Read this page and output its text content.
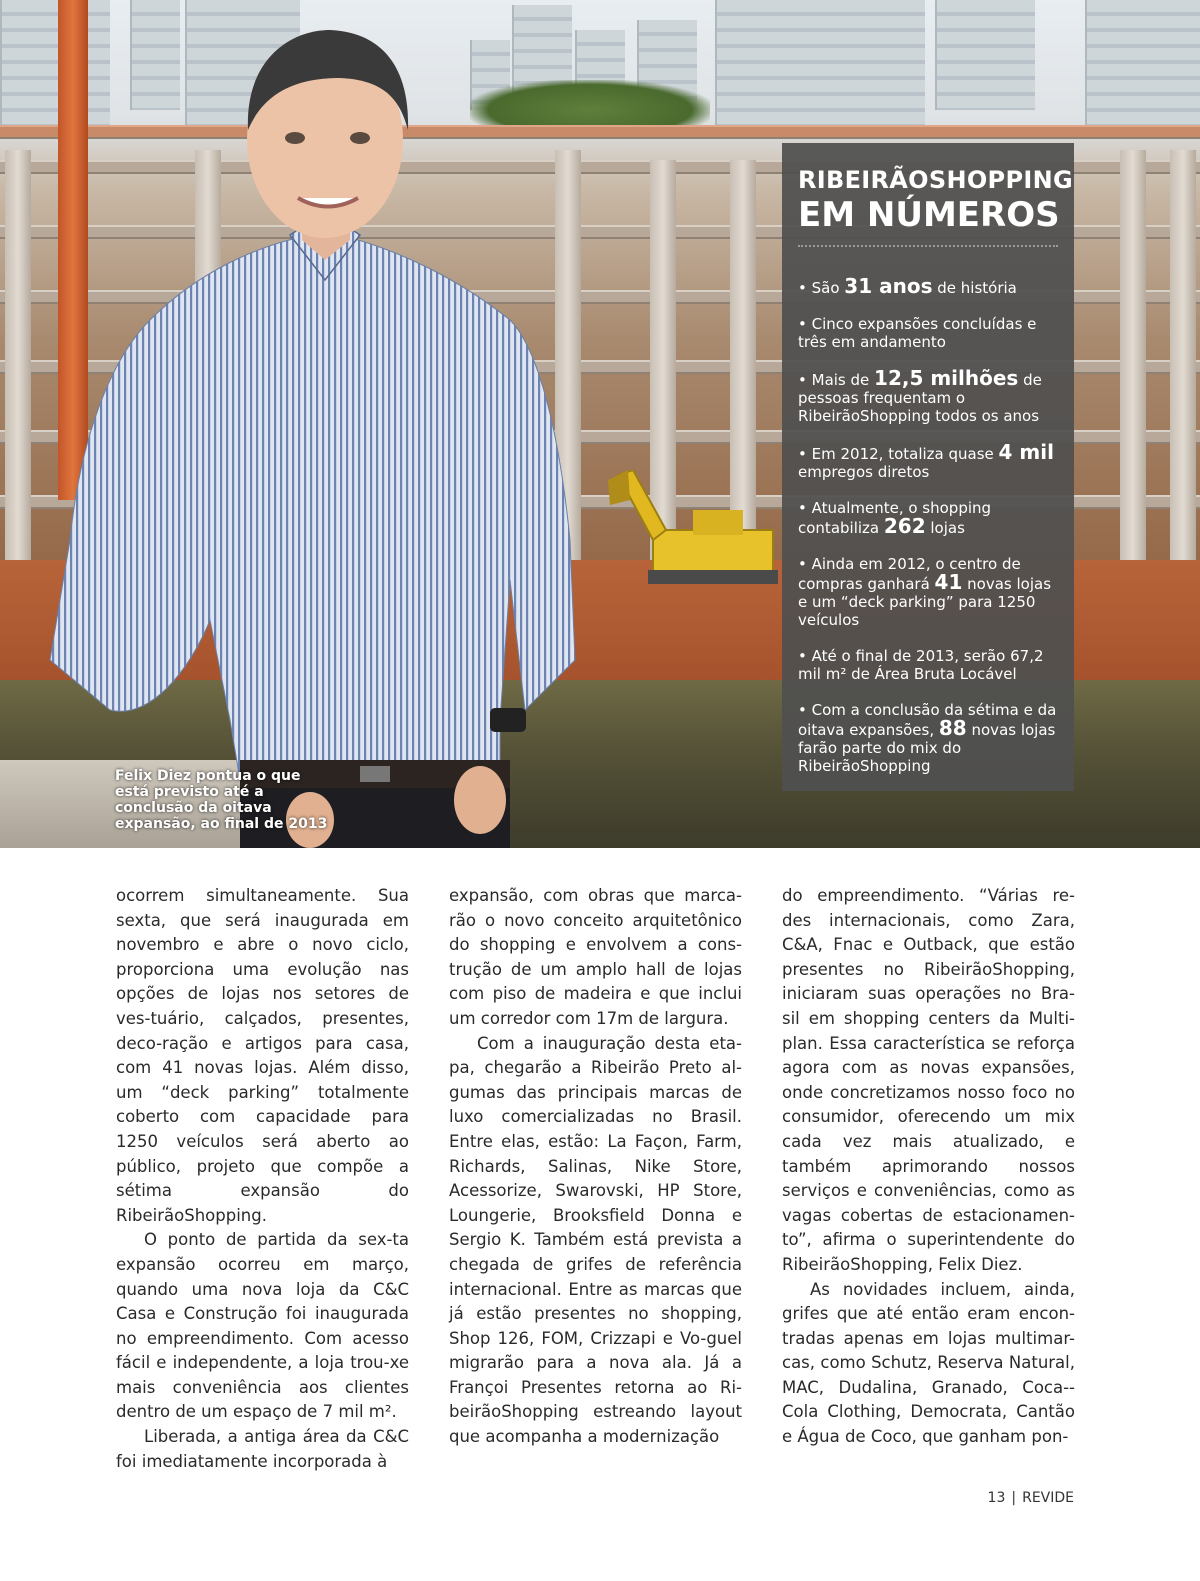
Felix Diez pontua o que está previsto até a conclusão da oitava expansão, ao final de 2013
RIBEIRÃOSHOPPING
EM NÚMEROS
• São 31 anos de história
• Cinco expansões concluídas e três em andamento
• Mais de 12,5 milhões de pessoas frequentam o RibeirãoShopping todos os anos
• Em 2012, totaliza quase 4 mil empregos diretos
• Atualmente, o shopping contabiliza 262 lojas
• Ainda em 2012, o centro de compras ganhará 41 novas lojas e um “deck parking” para 1250 veículos
• Até o final de 2013, serão 67,2 mil m² de Área Bruta Locável
• Com a conclusão da sétima e da oitava expansões, 88 novas lojas farão parte do mix do RibeirãoShopping

ocorrem simultaneamente. Sua sexta, que será inaugurada em novembro e abre o novo ciclo, proporciona uma evolução nas opções de lojas nos setores de ves-tuário, calçados, presentes, deco-ração e artigos para casa, com 41 novas lojas. Além disso, um “deck parking” totalmente coberto com capacidade para 1250 veículos será aberto ao público, projeto que compõe a sétima expansão do RibeirãoShopping.

O ponto de partida da sex-ta expansão ocorreu em março, quando uma nova loja da C&C Casa e Construção foi inaugurada no empreendimento. Com acesso fácil e independente, a loja trou-xe mais conveniência aos clientes dentro de um espaço de 7 mil m².

Liberada, a antiga área da C&C foi imediatamente incorporada à

expansão, com obras que marca-rão o novo conceito arquitetônico do shopping e envolvem a cons-trução de um amplo hall de lojas com piso de madeira e que inclui um corredor com 17m de largura.

Com a inauguração desta eta-pa, chegarão a Ribeirão Preto al-gumas das principais marcas de luxo comercializadas no Brasil. Entre elas, estão: La Façon, Farm, Richards, Salinas, Nike Store, Acessorize, Swarovski, HP Store, Loungerie, Brooksfield Donna e Sergio K. Também está prevista a chegada de grifes de referência internacional. Entre as marcas que já estão presentes no shopping, Shop 126, FOM, Crizzapi e Vo-guel migrarão para a nova ala. Já a Françoi Presentes retorna ao Ri-beirãoShopping estreando layout que acompanha a modernização

do empreendimento. “Várias re-des internacionais, como Zara, C&A, Fnac e Outback, que estão presentes no RibeirãoShopping, iniciaram suas operações no Bra-sil em shopping centers da Multi-plan. Essa característica se reforça agora com as novas expansões, onde concretizamos nosso foco no consumidor, oferecendo um mix cada vez mais atualizado, e também aprimorando nossos serviços e conveniências, como as vagas cobertas de estacionamen-to”, afirma o superintendente do RibeirãoShopping, Felix Diez.

As novidades incluem, ainda, grifes que até então eram encon-tradas apenas em lojas multimar-cas, como Schutz, Reserva Natural, MAC, Dudalina, Granado, Coca--Cola Clothing, Democrata, Cantão e Água de Coco, que ganham pon-

13 | REVIDE
